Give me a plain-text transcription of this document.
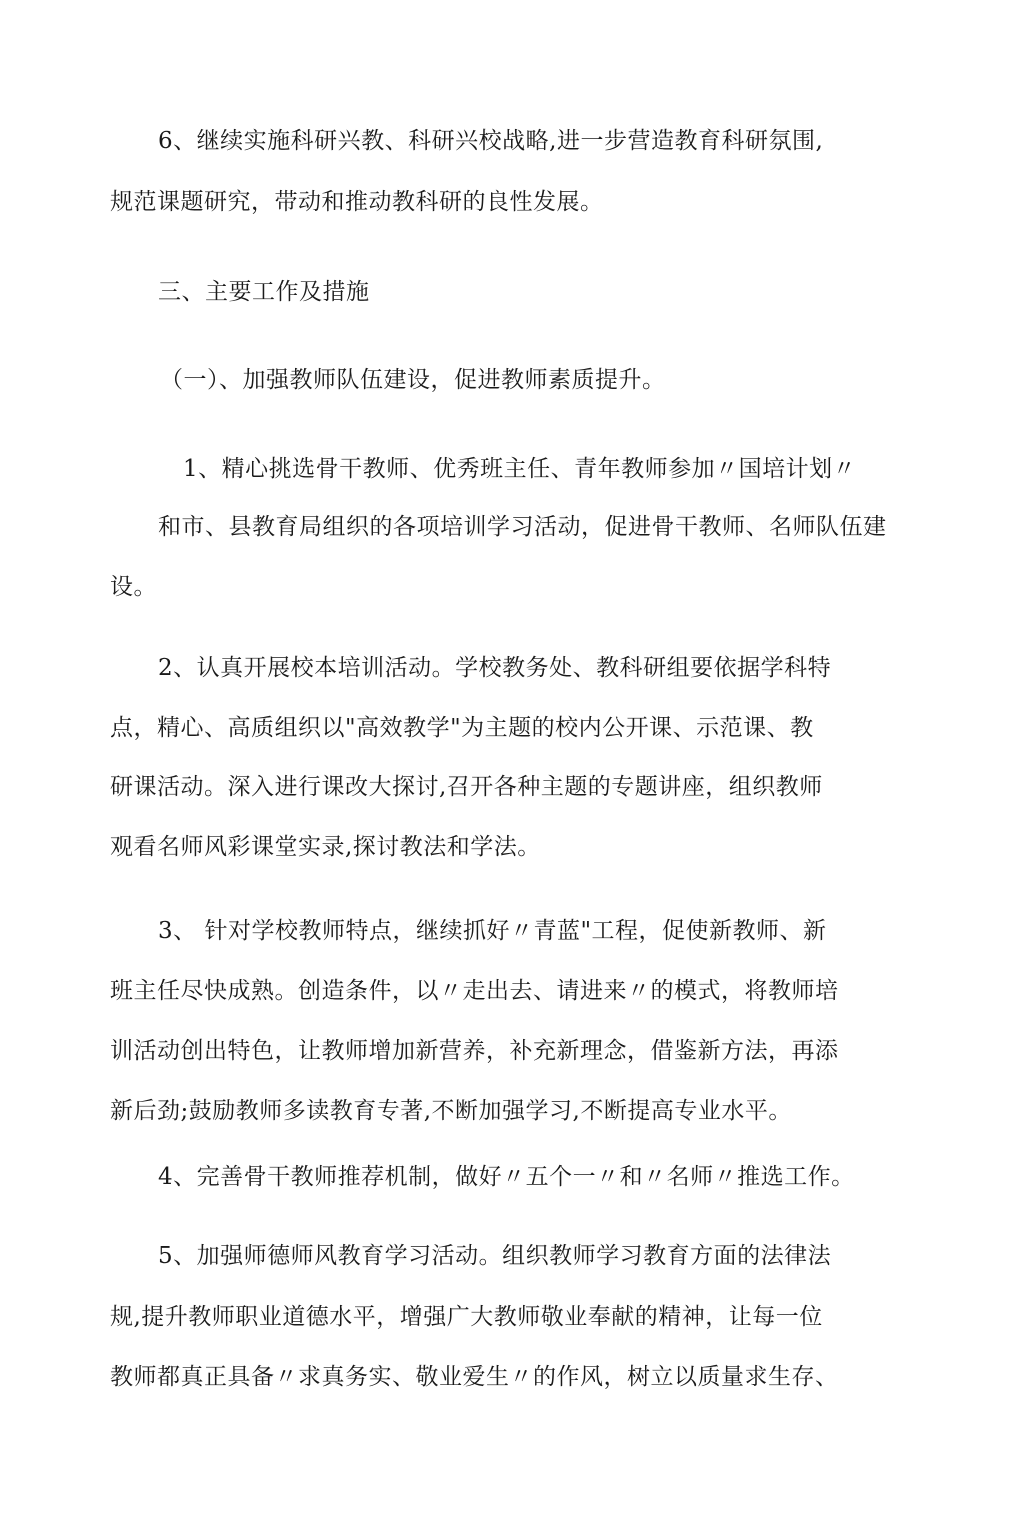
6、继续实施科研兴教、科研兴校战略,进一步营造教育科研氛围,
规范课题研究，带动和推动教科研的良性发展。
三、主要工作及措施
（一）、加强教师队伍建设，促进教师素质提升。
1、精心挑选骨干教师、优秀班主任、青年教师参加〃国培计划〃
和市、县教育局组织的各项培训学习活动，促进骨干教师、名师队伍建
设。
2、认真开展校本培训活动。学校教务处、教科研组要依据学科特
点，精心、高质组织以"高效教学"为主题的校内公开课、示范课、教
研课活动。深入进行课改大探讨,召开各种主题的专题讲座，组织教师
观看名师风彩课堂实录,探讨教法和学法。
3、 针对学校教师特点，继续抓好〃青蓝"工程，促使新教师、新
班主任尽快成熟。创造条件，以〃走出去、请进来〃的模式，将教师培
训活动创出特色，让教师增加新营养，补充新理念，借鉴新方法，再添
新后劲;鼓励教师多读教育专著,不断加强学习,不断提高专业水平。
4、完善骨干教师推荐机制，做好〃五个一〃和〃名师〃推选工作。
5、加强师德师风教育学习活动。组织教师学习教育方面的法律法
规,提升教师职业道德水平，增强广大教师敬业奉献的精神，让每一位
教师都真正具备〃求真务实、敬业爱生〃的作风，树立以质量求生存、
